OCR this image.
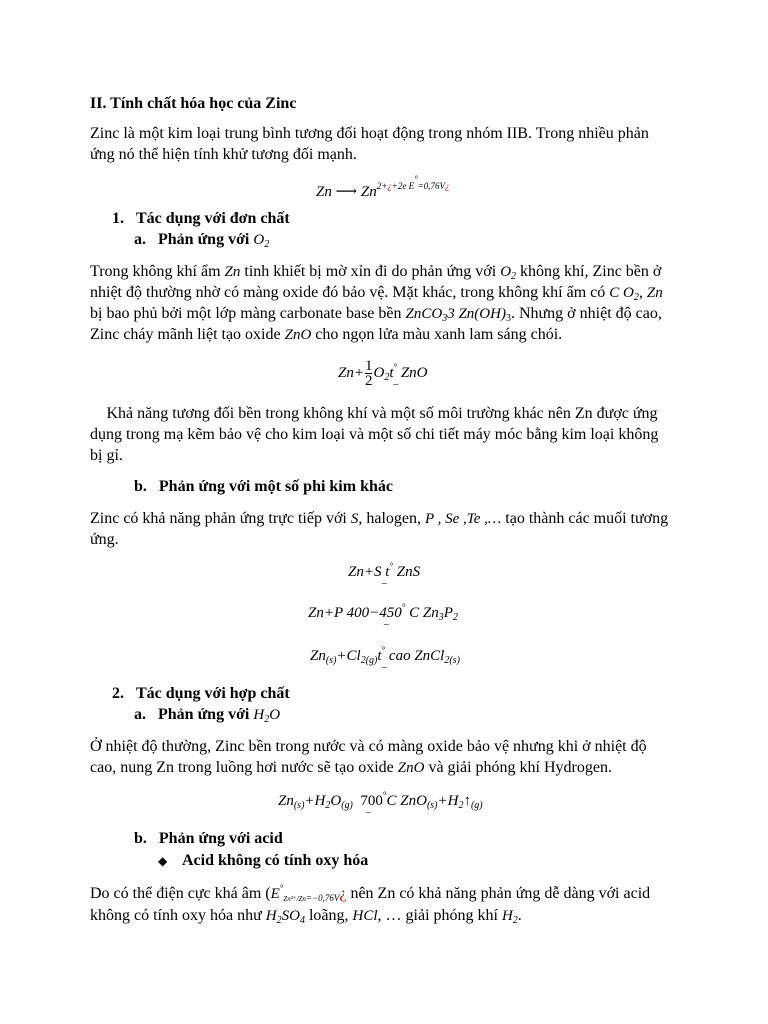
II. Tính chất hóa học của Zinc
Zinc là một kim loại trung bình tương đối hoạt động trong nhóm IIB. Trong nhiều phản
ứng nó thể hiện tính khử tương đối mạnh.
Zn ⟶ $Zn^{2+¿+2e E^\circ=0,76V¿}$
1. Tác dụng với đơn chất
a. Phản ứng với $O_2$
Trong không khí ẩm Zn tinh khiết bị mờ xỉn đi do phản ứng với $O_2$ không khí, Zinc bền ở
nhiệt độ thường nhờ có màng oxide đó bảo vệ. Mặt khác, trong không khí ẩm có C $O_2$, Zn
bị bao phủ bởi một lớp màng carbonate base bền ZnCO$_3$3 $Zn(OH)_3$. Nhưng ở nhiệt độ cao,
Zinc cháy mãnh liệt tạo oxide ZnO cho ngọn lửa màu xanh lam sáng chói.
$Zn+ \frac{1}{2} O_2t^\circ$
–
ZnO
  Khả năng tương đối bền trong không khí và một số môi trường khác nên Zn được ứng
dụng trong mạ kẽm bảo vệ cho kim loại và một số chi tiết máy móc bằng kim loại không
bị gỉ.
b. Phản ứng với một số phi kim khác
Zinc có khả năng phản ứng trực tiếp với S, halogen, P , Se ,Te ,… tạo thành các muối tương
ứng.
Zn+S t°
–
ZnS
Zn+P 400−450°
–
C $Zn_3P_2$
$Zn_{(s)}+Cl_{2(g)}t^\circ$
–
cao ZnCl$_{2(s)}$
2. Tác dụng với hợp chất
a. Phản ứng với $H_2O$
Ở nhiệt độ thường, Zinc bền trong nước và có màng oxide bảo vệ nhưng khi ở nhiệt độ
cao, nung Zn trong luồng hơi nước sẽ tạo oxide ZnO và giải phóng khí Hydrogen.
$Zn_{(s)}+H_2O_{(g)}$ 700°
–
C $ZnO_{(s)}+H_2↑_{(g)}$
b. Phản ứng với acid
◆ Acid không có tính oxy hóa
Do có thể điện cực khá âm ($E^\circ_{Zn^{2+}/Zn=-0,76V}¿$ nên Zn có khả năng phản ứng dễ dàng với acid
không có tính oxy hóa như $H_2SO_4$ loãng, HCl, … giải phóng khí $H_2$.
